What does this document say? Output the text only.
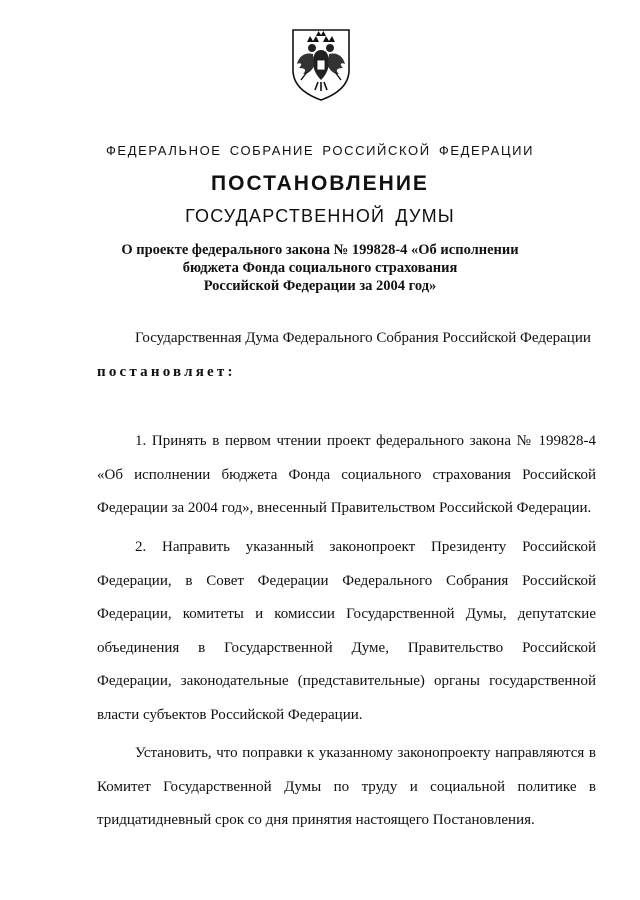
ФЕДЕРАЛЬНОЕ СОБРАНИЕ РОССИЙСКОЙ ФЕДЕРАЦИИ
ПОСТАНОВЛЕНИЕ
ГОСУДАРСТВЕННОЙ ДУМЫ
О проекте федерального закона № 199828-4 «Об исполнении
бюджета Фонда социального страхования
Российской Федерации за 2004 год»
Государственная Дума Федерального Собрания Российской Федерации
постановляет:
1. Принять в первом чтении проект федерального закона № 199828-4
«Об исполнении бюджета Фонда социального страхования Российской
Федерации за 2004 год», внесенный Правительством Российской Федерации.
2. Направить указанный законопроект Президенту Российской
Федерации, в Совет Федерации Федерального Собрания Российской
Федерации, комитеты и комиссии Государственной Думы, депутатские
объединения в Государственной Думе, Правительство Российской
Федерации, законодательные (представительные) органы государственной
власти субъектов Российской Федерации.
Установить, что поправки к указанному законопроекту направляются в
Комитет Государственной Думы по труду и социальной политике в
тридцатидневный срок со дня принятия настоящего Постановления.
